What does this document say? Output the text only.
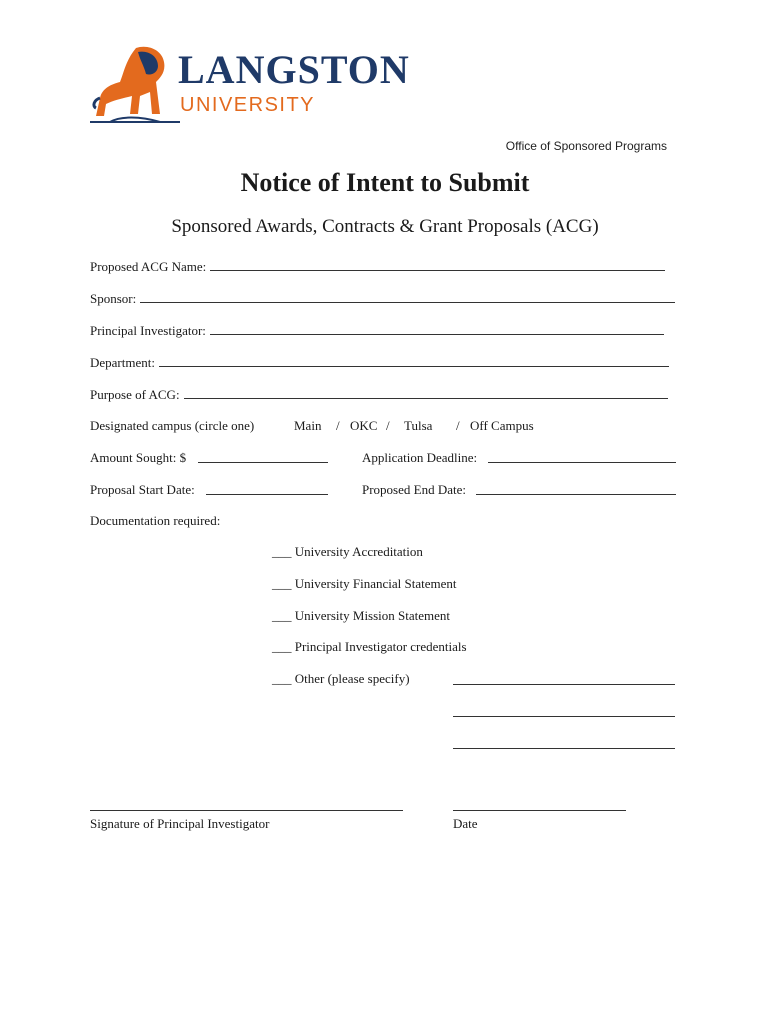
LANGSTON
UNIVERSITY
Office of Sponsored Programs
Notice of Intent to Submit
Sponsored Awards, Contracts & Grant Proposals (ACG)
Proposed ACG Name:
Sponsor:
Principal Investigator:
Department:
Purpose of ACG:
Designated campus (circle one)	Main / OKC / Tulsa / Off Campus
Amount Sought: $	Application Deadline:
Proposal Start Date:	Proposed End Date:
Documentation required:
___ University Accreditation
___ University Financial Statement
___ University Mission Statement
___ Principal Investigator credentials
___ Other (please specify)
Signature of Principal Investigator	Date
